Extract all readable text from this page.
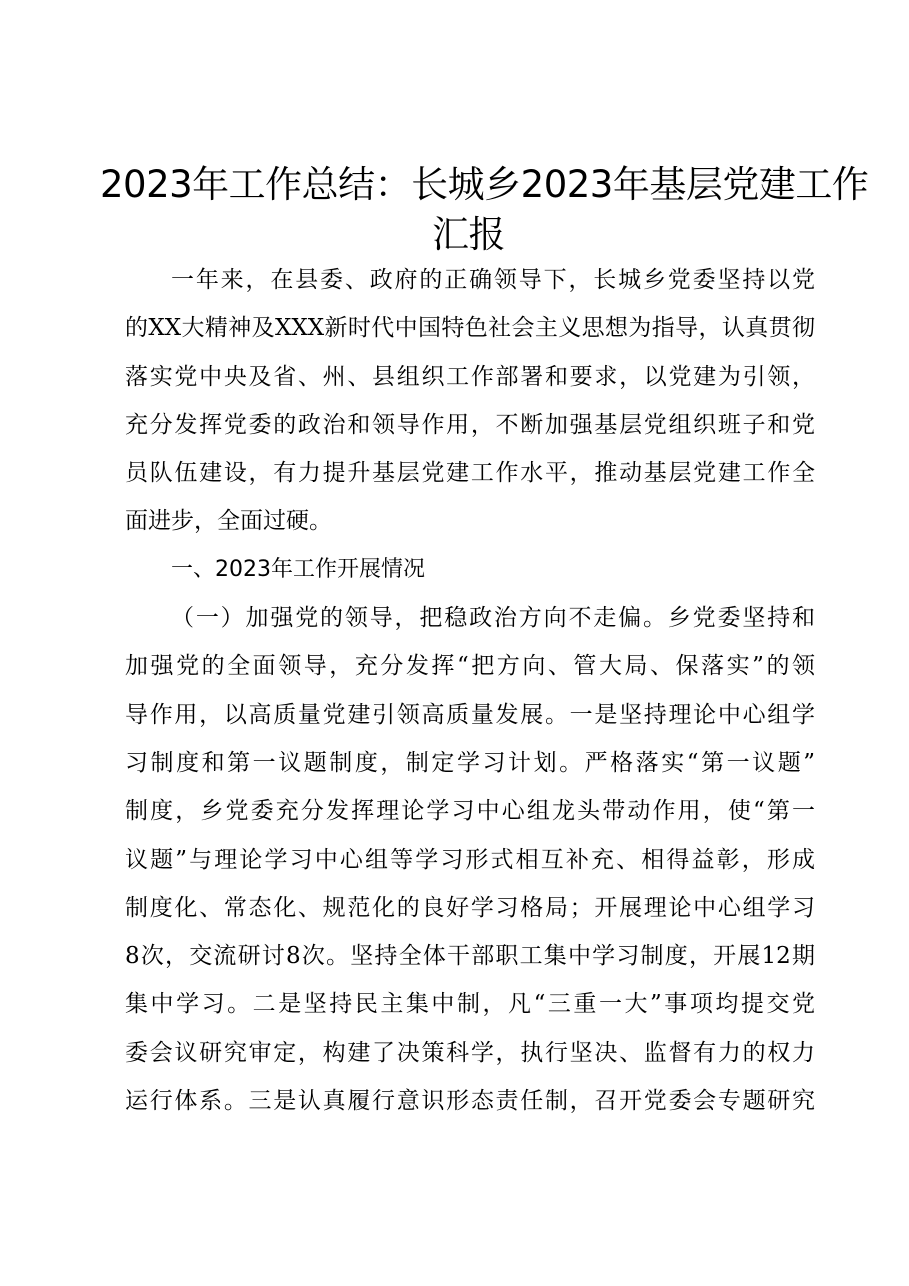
2023年工作总结：长城乡2023年基层党建工作
汇报
一年来，在县委、政府的正确领导下，长城乡党委坚持以党
的XX大精神及XXX新时代中国特色社会主义思想为指导，认真贯彻
落实党中央及省、州、县组织工作部署和要求，以党建为引领，
充分发挥党委的政治和领导作用，不断加强基层党组织班子和党
员队伍建设，有力提升基层党建工作水平，推动基层党建工作全
面进步，全面过硬。
一、2023年工作开展情况
（一）加强党的领导，把稳政治方向不走偏。乡党委坚持和
加强党的全面领导，充分发挥“把方向、管大局、保落实”的领
导作用，以高质量党建引领高质量发展。一是坚持理论中心组学
习制度和第一议题制度，制定学习计划。严格落实“第一议题”
制度，乡党委充分发挥理论学习中心组龙头带动作用，使“第一
议题”与理论学习中心组等学习形式相互补充、相得益彰，形成
制度化、常态化、规范化的良好学习格局；开展理论中心组学习
8次，交流研讨8次。坚持全体干部职工集中学习制度，开展12期
集中学习。二是坚持民主集中制，凡“三重一大”事项均提交党
委会议研究审定，构建了决策科学，执行坚决、监督有力的权力
运行体系。三是认真履行意识形态责任制，召开党委会专题研究
